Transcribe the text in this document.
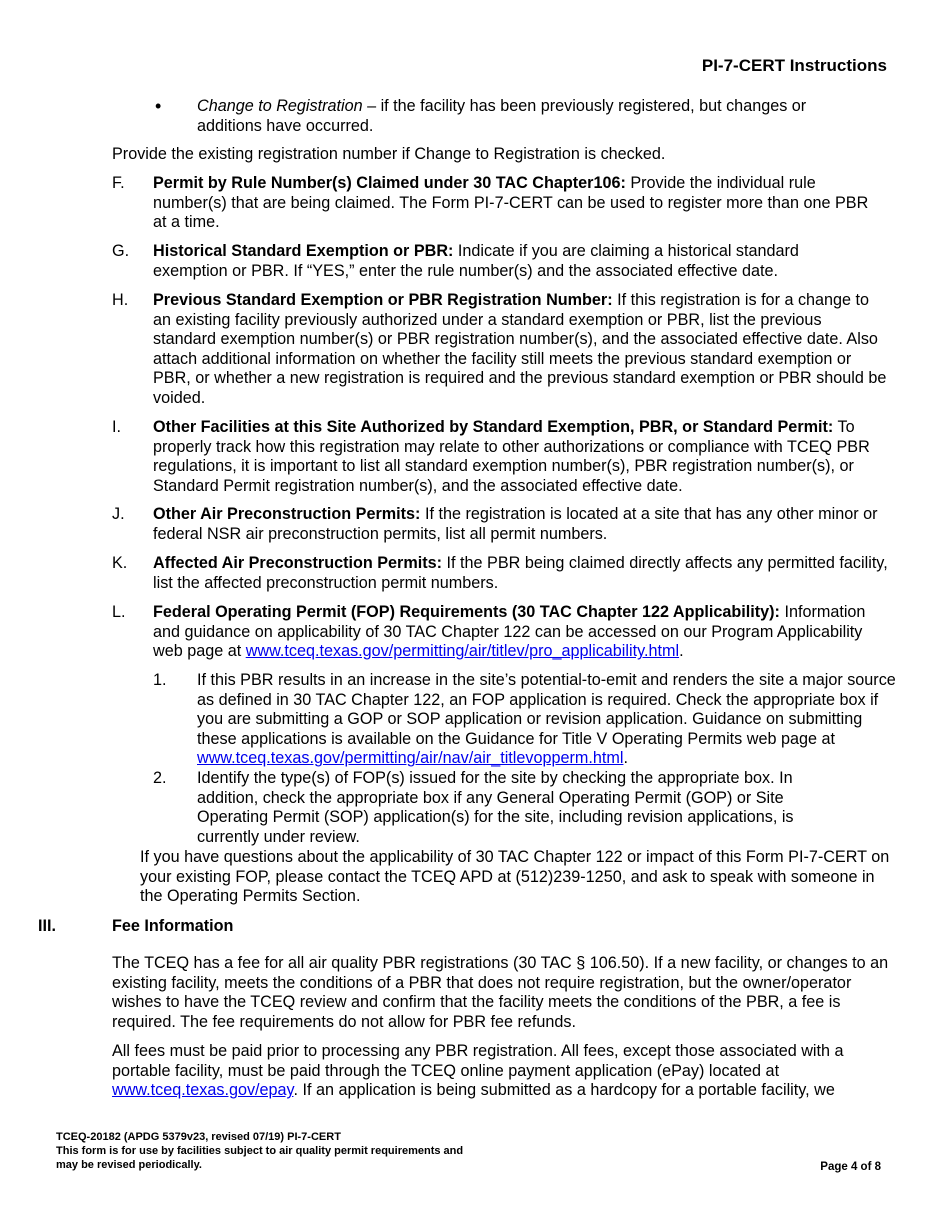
PI-7-CERT Instructions
• Change to Registration – if the facility has been previously registered, but changes or additions have occurred.
Provide the existing registration number if Change to Registration is checked.
F. Permit by Rule Number(s) Claimed under 30 TAC Chapter106: Provide the individual rule number(s) that are being claimed. The Form PI-7-CERT can be used to register more than one PBR at a time.
G. Historical Standard Exemption or PBR: Indicate if you are claiming a historical standard exemption or PBR. If “YES,” enter the rule number(s) and the associated effective date.
H. Previous Standard Exemption or PBR Registration Number: If this registration is for a change to an existing facility previously authorized under a standard exemption or PBR, list the previous standard exemption number(s) or PBR registration number(s), and the associated effective date. Also attach additional information on whether the facility still meets the previous standard exemption or PBR, or whether a new registration is required and the previous standard exemption or PBR should be voided.
I. Other Facilities at this Site Authorized by Standard Exemption, PBR, or Standard Permit: To properly track how this registration may relate to other authorizations or compliance with TCEQ PBR regulations, it is important to list all standard exemption number(s), PBR registration number(s), or Standard Permit registration number(s), and the associated effective date.
J. Other Air Preconstruction Permits: If the registration is located at a site that has any other minor or federal NSR air preconstruction permits, list all permit numbers.
K. Affected Air Preconstruction Permits: If the PBR being claimed directly affects any permitted facility, list the affected preconstruction permit numbers.
L. Federal Operating Permit (FOP) Requirements (30 TAC Chapter 122 Applicability): Information and guidance on applicability of 30 TAC Chapter 122 can be accessed on our Program Applicability web page at www.tceq.texas.gov/permitting/air/titlev/pro_applicability.html.
1. If this PBR results in an increase in the site’s potential-to-emit and renders the site a major source as defined in 30 TAC Chapter 122, an FOP application is required. Check the appropriate box if you are submitting a GOP or SOP application or revision application. Guidance on submitting these applications is available on the Guidance for Title V Operating Permits web page at www.tceq.texas.gov/permitting/air/nav/air_titlevopperm.html.
2. Identify the type(s) of FOP(s) issued for the site by checking the appropriate box. In addition, check the appropriate box if any General Operating Permit (GOP) or Site Operating Permit (SOP) application(s) for the site, including revision applications, is currently under review.
If you have questions about the applicability of 30 TAC Chapter 122 or impact of this Form PI-7-CERT on your existing FOP, please contact the TCEQ APD at (512)239-1250, and ask to speak with someone in the Operating Permits Section.
III.	Fee Information
The TCEQ has a fee for all air quality PBR registrations (30 TAC § 106.50). If a new facility, or changes to an existing facility, meets the conditions of a PBR that does not require registration, but the owner/operator wishes to have the TCEQ review and confirm that the facility meets the conditions of the PBR, a fee is required. The fee requirements do not allow for PBR fee refunds.
All fees must be paid prior to processing any PBR registration. All fees, except those associated with a portable facility, must be paid through the TCEQ online payment application (ePay) located at www.tceq.texas.gov/epay. If an application is being submitted as a hardcopy for a portable facility, we
TCEQ-20182 (APDG 5379v23, revised 07/19) PI-7-CERT
This form is for use by facilities subject to air quality permit requirements and
may be revised periodically.	Page 4 of 8
